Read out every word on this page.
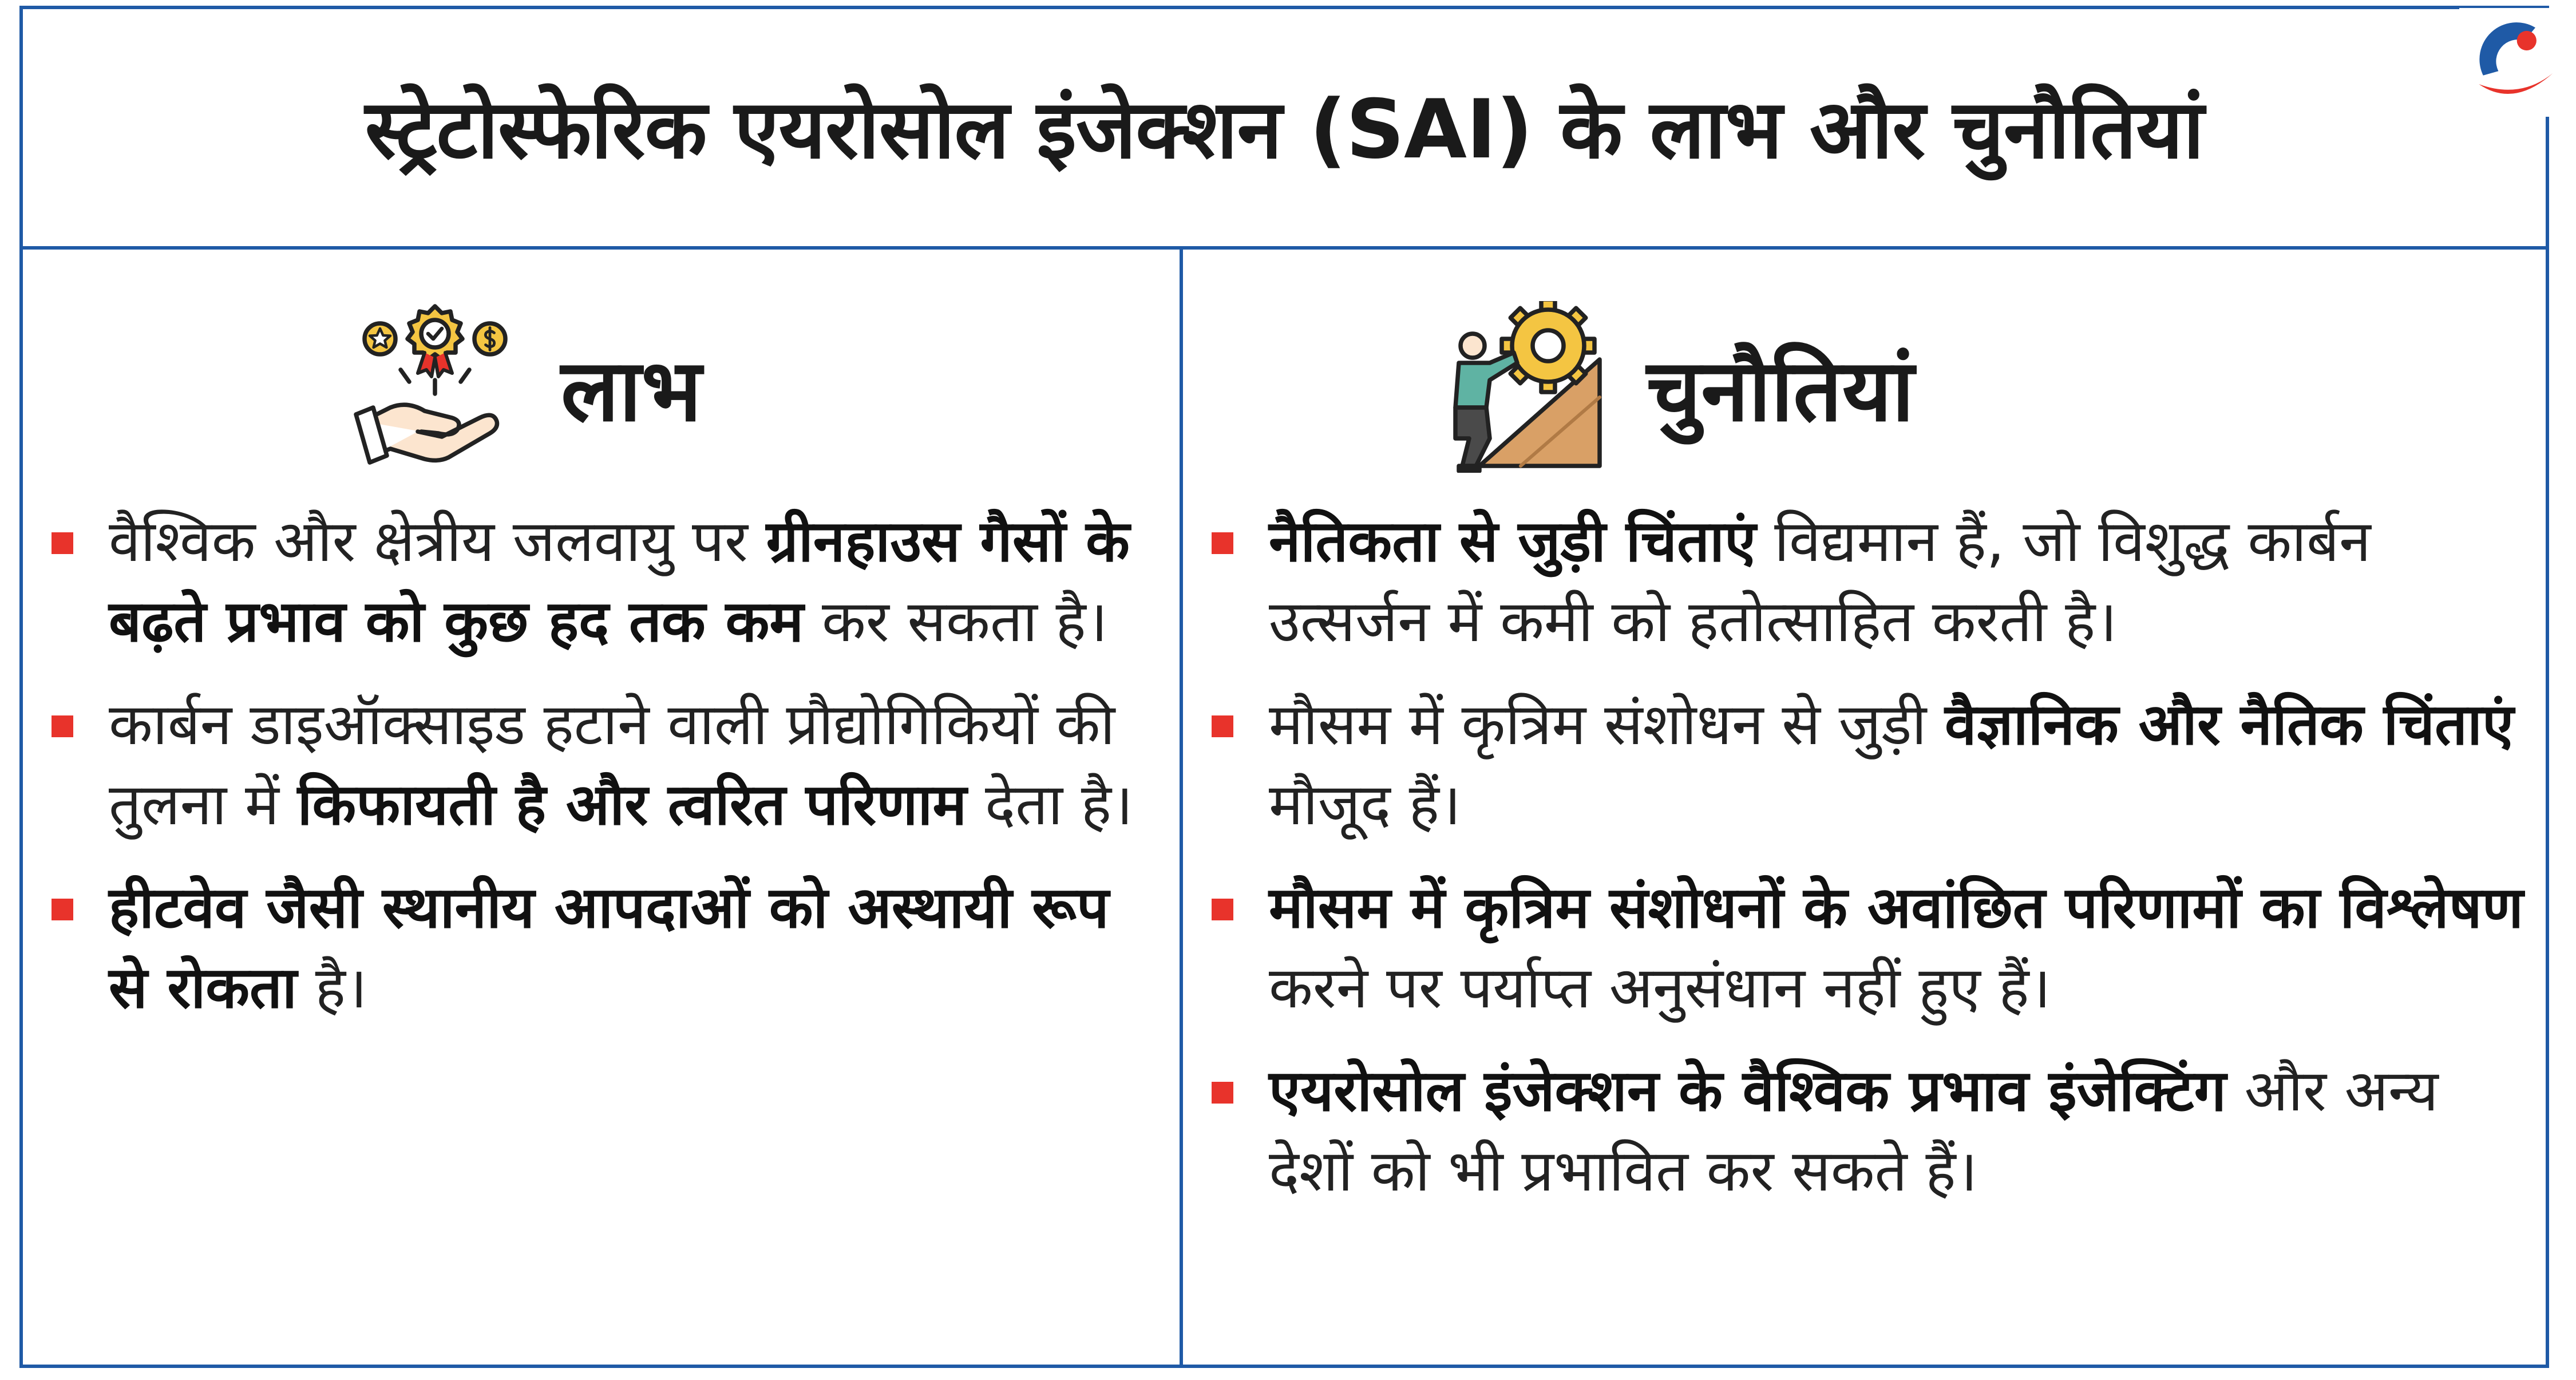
स्ट्रेटोस्फेरिक एयरोसोल इंजेक्शन (SAI) के लाभ और चुनौतियां
लाभ
वैश्विक और क्षेत्रीय जलवायु पर ग्रीनहाउस गैसों के बढ़ते प्रभाव को कुछ हद तक कम कर सकता है।
कार्बन डाइऑक्साइड हटाने वाली प्रौद्योगिकियों की तुलना में किफायती है और त्वरित परिणाम देता है।
हीटवेव जैसी स्थानीय आपदाओं को अस्थायी रूप से रोकता है।
चुनौतियां
नैतिकता से जुड़ी चिंताएं विद्यमान हैं, जो विशुद्ध कार्बन उत्सर्जन में कमी को हतोत्साहित करती है।
मौसम में कृत्रिम संशोधन से जुड़ी वैज्ञानिक और नैतिक चिंताएं मौजूद हैं।
मौसम में कृत्रिम संशोधनों के अवांछित परिणामों का विश्लेषण करने पर पर्याप्त अनुसंधान नहीं हुए हैं।
एयरोसोल इंजेक्शन के वैश्विक प्रभाव इंजेक्टिंग और अन्य देशों को भी प्रभावित कर सकते हैं।
